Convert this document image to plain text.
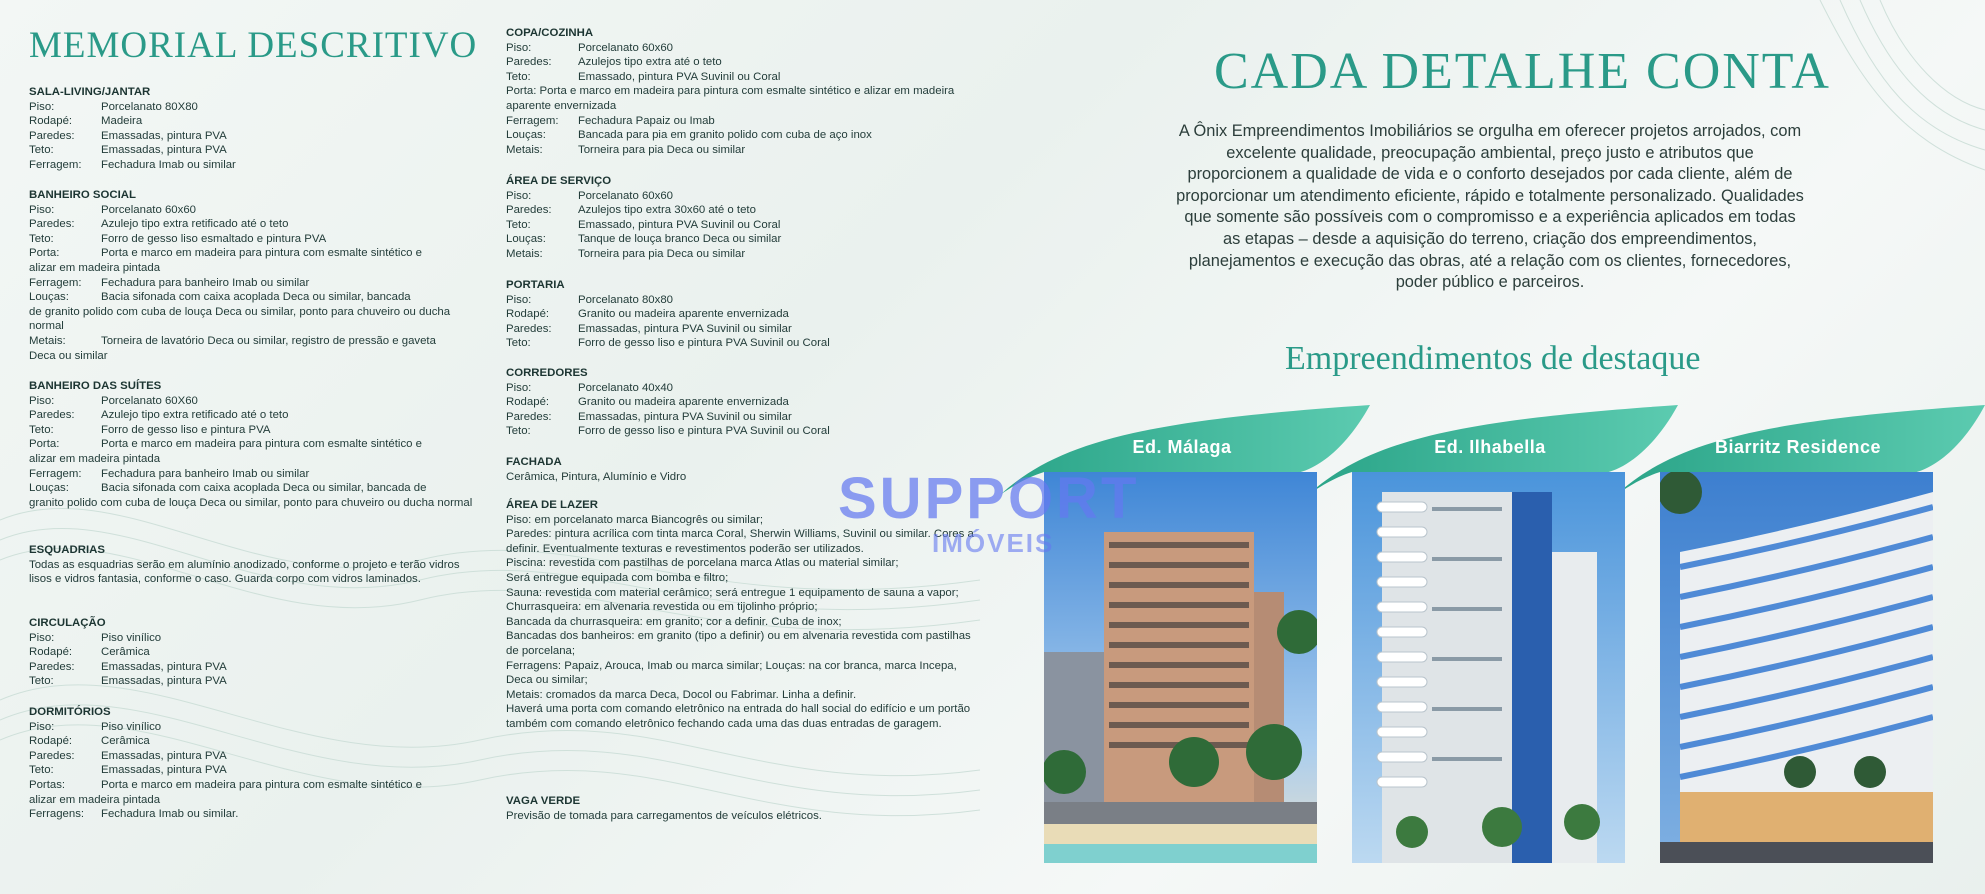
MEMORIAL DESCRITIVO
SALA-LIVING/JANTAR
Piso:	Porcelanato 80X80
Rodapé:	Madeira
Paredes:	Emassadas, pintura PVA
Teto:	Emassadas, pintura PVA
Ferragem:	Fechadura Imab ou similar
BANHEIRO SOCIAL
Piso:	Porcelanato 60x60
Paredes:	Azulejo tipo extra retificado até o teto
Teto:	Forro de gesso liso esmaltado e pintura PVA
Porta:	Porta e marco em madeira para pintura com esmalte sintético e
alizar em madeira pintada
Ferragem:	Fechadura para banheiro Imab ou similar
Louças:	Bacia sifonada com caixa acoplada Deca ou similar, bancada
de granito polido com cuba de louça Deca ou similar, ponto para chuveiro ou ducha normal
Metais:	Torneira de lavatório Deca ou similar, registro de pressão e gaveta
Deca ou similar
BANHEIRO DAS SUÍTES
Piso:	Porcelanato 60X60
Paredes:	Azulejo tipo extra retificado até o teto
Teto:	Forro de gesso liso e pintura PVA
Porta:	Porta e marco em madeira para pintura com esmalte sintético e
alizar em madeira pintada
Ferragem:	Fechadura para banheiro Imab ou similar
Louças:	Bacia sifonada com caixa acoplada Deca ou similar, bancada de
granito polido com cuba de louça Deca ou similar, ponto para chuveiro ou ducha normal
ESQUADRIAS
Todas as esquadrias serão em alumínio anodizado, conforme o projeto e terão vidros lisos e vidros fantasia, conforme o caso. Guarda corpo com vidros laminados.
CIRCULAÇÃO
Piso:	Piso vinílico
Rodapé:	Cerâmica
Paredes:	Emassadas, pintura PVA
Teto:	Emassadas, pintura PVA
DORMITÓRIOS
Piso:	Piso vinílico
Rodapé:	Cerâmica
Paredes:	Emassadas, pintura PVA
Teto:	Emassadas, pintura PVA
Portas:	Porta e marco em madeira para pintura com esmalte sintético e
alizar em madeira pintada
Ferragens:	Fechadura Imab ou similar.
COPA/COZINHA
Piso:	Porcelanato 60x60
Paredes:	Azulejos tipo extra até o teto
Teto:	Emassado, pintura PVA Suvinil ou Coral
Porta: Porta e marco em madeira para pintura com esmalte sintético e alizar em madeira aparente envernizada
Ferragem:	Fechadura Papaiz ou Imab
Louças:	Bancada para pia em granito polido com cuba de aço inox
Metais:	Torneira para pia Deca ou similar
ÁREA DE SERVIÇO
Piso:	Porcelanato 60x60
Paredes:	Azulejos tipo extra 30x60 até o teto
Teto:	Emassado, pintura PVA Suvinil ou Coral
Louças:	Tanque de louça branco Deca ou similar
Metais:	Torneira para pia Deca ou similar
PORTARIA
Piso:	Porcelanato 80x80
Rodapé:	Granito ou madeira aparente envernizada
Paredes:	Emassadas, pintura PVA Suvinil ou similar
Teto:	Forro de gesso liso e pintura PVA Suvinil ou Coral
CORREDORES
Piso:	Porcelanato 40x40
Rodapé:	Granito ou madeira aparente envernizada
Paredes:	Emassadas, pintura PVA Suvinil ou similar
Teto:	Forro de gesso liso e pintura PVA Suvinil ou Coral
FACHADA
Cerâmica, Pintura, Alumínio e Vidro
ÁREA DE LAZER
Piso: em porcelanato marca Biancogrês ou similar;
Paredes: pintura acrílica com tinta marca Coral, Sherwin Williams, Suvinil ou similar. Cores a definir. Eventualmente texturas e revestimentos poderão ser utilizados.
Piscina: revestida com pastilhas de porcelana marca Atlas ou material similar;
Será entregue equipada com bomba e filtro;
Sauna: revestida com material cerâmico; será entregue 1 equipamento de sauna a vapor;
Churrasqueira: em alvenaria revestida ou em tijolinho próprio;
Bancada da churrasqueira: em granito; cor a definir. Cuba de inox;
Bancadas dos banheiros: em granito (tipo a definir) ou em alvenaria revestida com pastilhas de porcelana;
Ferragens: Papaiz, Arouca, Imab ou marca similar; Louças: na cor branca, marca Incepa, Deca ou similar;
Metais: cromados da marca Deca, Docol ou Fabrimar. Linha a definir.
Haverá uma porta com comando eletrônico na entrada do hall social do edifício e um portão também com comando eletrônico fechando cada uma das duas entradas de garagem.
VAGA VERDE
Previsão de tomada para carregamentos de veículos elétricos.
CADA DETALHE CONTA
A Ônix Empreendimentos Imobiliários se orgulha em oferecer projetos arrojados, com excelente qualidade, preocupação ambiental, preço justo e atributos que proporcionem a qualidade de vida e o conforto desejados por cada cliente, além de proporcionar um atendimento eficiente, rápido e totalmente personalizado. Qualidades que somente são possíveis com o compromisso e a experiência aplicados em todas as etapas – desde a aquisição do terreno, criação dos empreendimentos, planejamentos e execução das obras, até a relação com os clientes, fornecedores, poder público e parceiros.
Empreendimentos de destaque
Ed. Málaga	Ed. Ilhabella	Biarritz Residence
SUPPORT
IMÓVEIS
